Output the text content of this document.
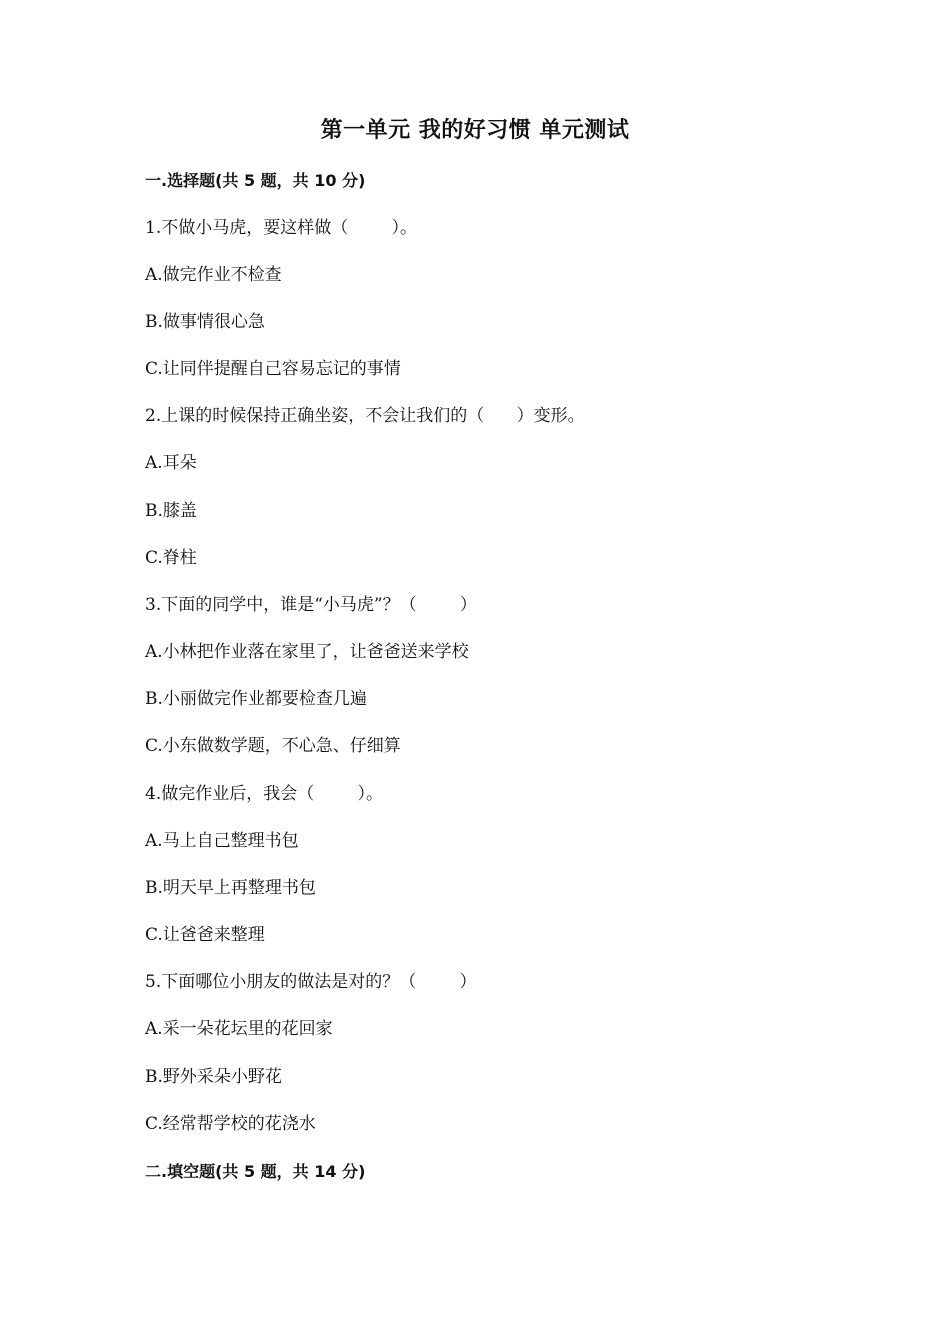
第一单元 我的好习惯 单元测试
一.选择题(共 5 题，共 10 分)
1.不做小马虎，要这样做（        ）。
A.做完作业不检查
B.做事情很心急
C.让同伴提醒自己容易忘记的事情
2.上课的时候保持正确坐姿，不会让我们的（      ）变形。
A.耳朵
B.膝盖
C.脊柱
3.下面的同学中，谁是“小马虎”？（        ）
A.小林把作业落在家里了，让爸爸送来学校
B.小丽做完作业都要检查几遍
C.小东做数学题，不心急、仔细算
4.做完作业后，我会（        ）。
A.马上自己整理书包
B.明天早上再整理书包
C.让爸爸来整理
5.下面哪位小朋友的做法是对的？（        ）
A.采一朵花坛里的花回家
B.野外采朵小野花
C.经常帮学校的花浇水
二.填空题(共 5 题，共 14 分)
